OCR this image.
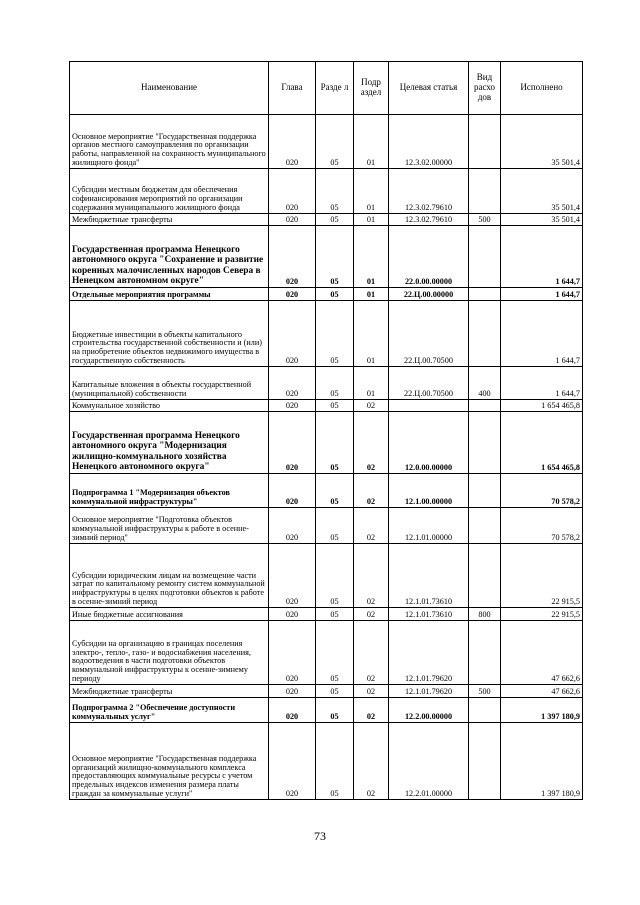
Наименование	Глава	Разде л	Подр аздел	Целевая статья	Вид расхо дов	Исполнено
Основное мероприятие "Государственная поддержка органов местного самоуправления по организации работы, направленной на сохранность муниципального жилищного фонда"	020	05	01	12.3.02.00000		35 501,4
Субсидии местным бюджетам для обеспечения софинансирования мероприятий по организации содержания муниципального жилищного фонда	020	05	01	12.3.02.79610		35 501,4
Межбюджетные трансферты	020	05	01	12.3.02.79610	500	35 501,4
Государственная программа Ненецкого автономного округа "Сохранение и развитие коренных малочисленных народов Севера в Ненецком автономном округе"	020	05	01	22.0.00.00000		1 644,7
Отдельные мероприятия программы	020	05	01	22.Ц.00.00000		1 644,7
Бюджетные инвестиции в объекты капитального строительства государственной собственности и (или) на приобретение объектов недвижимого имущества в государственную собственность	020	05	01	22.Ц.00.70500		1 644,7
Капитальные вложения в объекты государственной (муниципальной) собственности	020	05	01	22.Ц.00.70500	400	1 644,7
Коммунальное хозяйство	020	05	02			1 654 465,8
Государственная программа Ненецкого автономного округа "Модернизация жилищно-коммунального хозяйства Ненецкого автономного округа"	020	05	02	12.0.00.00000		1 654 465,8
Подпрограмма 1 "Модернизация объектов коммунальной инфраструктуры"	020	05	02	12.1.00.00000		70 578,2
Основное мероприятие "Подготовка объектов коммунальной инфраструктуры к работе в осенне-зимний период"	020	05	02	12.1.01.00000		70 578,2
Субсидии юридическим лицам на возмещение части затрат по капитальному ремонту систем коммунальной инфраструктуры в целях подготовки объектов к работе в осенне-зимний период	020	05	02	12.1.01.73610		22 915,5
Иные бюджетные ассигнования	020	05	02	12.1.01.73610	800	22 915,5
Субсидии на организацию в границах поселения электро-, тепло-, газо- и водоснабжения населения, водоотведения в части подготовки объектов коммунальной инфраструктуры к осенне-зимнему периоду	020	05	02	12.1.01.79620		47 662,6
Межбюджетные трансферты	020	05	02	12.1.01.79620	500	47 662,6
Подпрограмма 2 "Обеспечение доступности коммунальных услуг"	020	05	02	12.2.00.00000		1 397 180,9
Основное мероприятие "Государственная поддержка организаций жилищно-коммунального комплекса предоставляющих коммунальные ресурсы с учетом предельных индексов изменения размера платы граждан за коммунальные услуги"	020	05	02	12.2.01.00000		1 397 180,9
73
